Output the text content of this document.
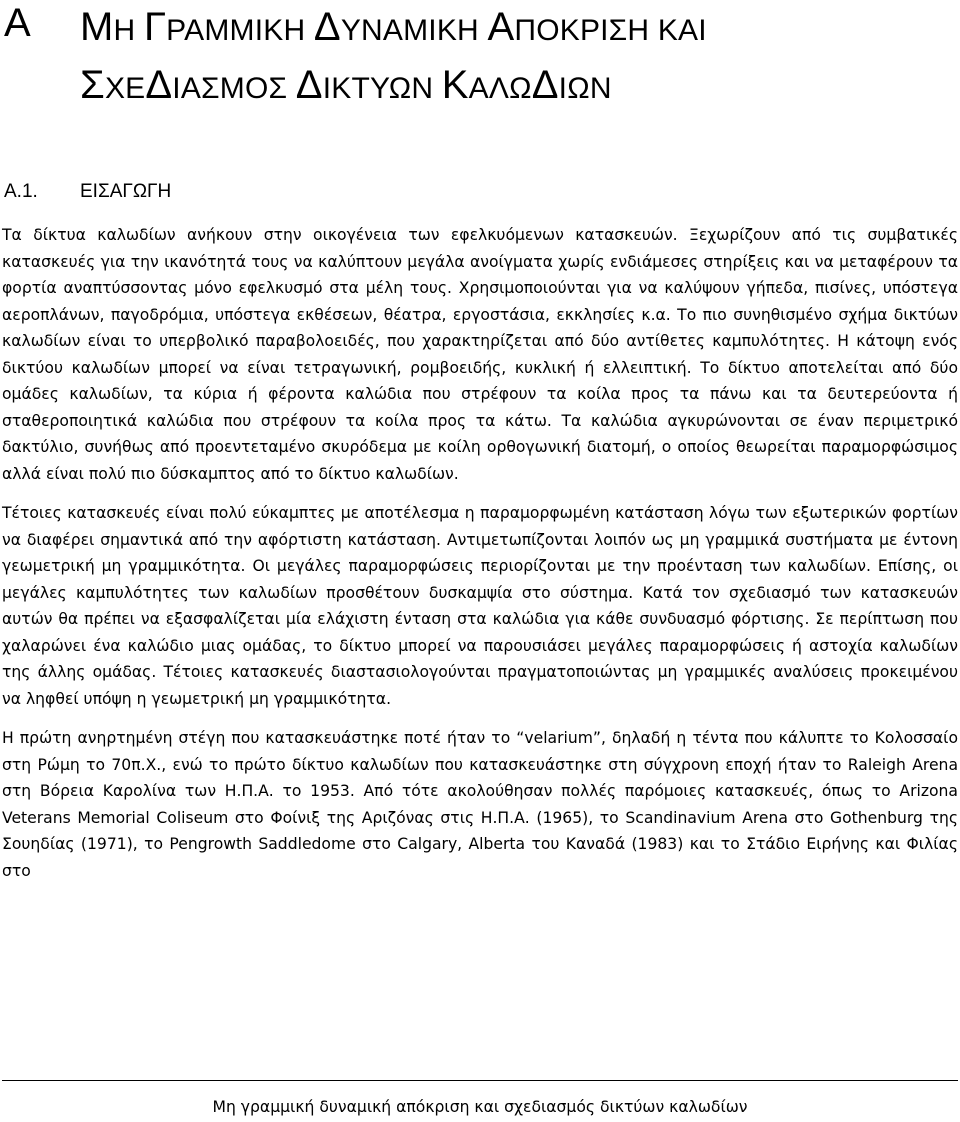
Α ΜΗ ΓΡΑΜΜΙΚΗ ΔΥΝΑΜΙΚΗ ΑΠΟΚΡΙΣΗ ΚΑΙ
ΣΧΕΔΙΑΣΜΟΣ ΔΙΚΤΥΩΝ ΚΑΛΩΔΙΩΝ
Α.1. ΕΙΣΑΓΩΓΗ

Τα δίκτυα καλωδίων ανήκουν στην οικογένεια των εφελκυόμενων κατασκευών. Ξεχωρίζουν από τις συμβατικές κατασκευές για την ικανότητά τους να καλύπτουν μεγάλα ανοίγματα χωρίς ενδιάμεσες στηρίξεις και να μεταφέρουν τα φορτία αναπτύσσοντας μόνο εφελκυσμό στα μέλη τους. Χρησιμοποιούνται για να καλύψουν γήπεδα, πισίνες, υπόστεγα αεροπλάνων, παγοδρόμια, υπόστεγα εκθέσεων, θέατρα, εργοστάσια, εκκλησίες κ.α. Το πιο συνηθισμένο σχήμα δικτύων καλωδίων είναι το υπερβολικό παραβολοειδές, που χαρακτηρίζεται από δύο αντίθετες καμπυλότητες. Η κάτοψη ενός δικτύου καλωδίων μπορεί να είναι τετραγωνική, ρομβοειδής, κυκλική ή ελλειπτική. Το δίκτυο αποτελείται από δύο ομάδες καλωδίων, τα κύρια ή φέροντα καλώδια που στρέφουν τα κοίλα προς τα πάνω και τα δευτερεύοντα ή σταθεροποιητικά καλώδια που στρέφουν τα κοίλα προς τα κάτω. Τα καλώδια αγκυρώνονται σε έναν περιμετρικό δακτύλιο, συνήθως από προεντεταμένο σκυρόδεμα με κοίλη ορθογωνική διατομή, ο οποίος θεωρείται παραμορφώσιμος αλλά είναι πολύ πιο δύσκαμπτος από το δίκτυο καλωδίων.

Τέτοιες κατασκευές είναι πολύ εύκαμπτες με αποτέλεσμα η παραμορφωμένη κατάσταση λόγω των εξωτερικών φορτίων να διαφέρει σημαντικά από την αφόρτιστη κατάσταση. Αντιμετωπίζονται λοιπόν ως μη γραμμικά συστήματα με έντονη γεωμετρική μη γραμμικότητα. Οι μεγάλες παραμορφώσεις περιορίζονται με την προένταση των καλωδίων. Επίσης, οι μεγάλες καμπυλότητες των καλωδίων προσθέτουν δυσκαμψία στο σύστημα. Κατά τον σχεδιασμό των κατασκευών αυτών θα πρέπει να εξασφαλίζεται μία ελάχιστη ένταση στα καλώδια για κάθε συνδυασμό φόρτισης. Σε περίπτωση που χαλαρώνει ένα καλώδιο μιας ομάδας, το δίκτυο μπορεί να παρουσιάσει μεγάλες παραμορφώσεις ή αστοχία καλωδίων της άλλης ομάδας. Τέτοιες κατασκευές διαστασιολογούνται πραγματοποιώντας μη γραμμικές αναλύσεις προκειμένου να ληφθεί υπόψη η γεωμετρική μη γραμμικότητα.

Η πρώτη ανηρτημένη στέγη που κατασκευάστηκε ποτέ ήταν το “velarium”, δηλαδή η τέντα που κάλυπτε το Κολοσσαίο στη Ρώμη το 70π.Χ., ενώ το πρώτο δίκτυο καλωδίων που κατασκευάστηκε στη σύγχρονη εποχή ήταν το Raleigh Arena στη Βόρεια Καρολίνα των Η.Π.Α. το 1953. Από τότε ακολούθησαν πολλές παρόμοιες κατασκευές, όπως το Arizona Veterans Memorial Coliseum στο Φοίνιξ της Αριζόνας στις Η.Π.Α. (1965), το Scandinavium Arena στο Gothenburg της Σουηδίας (1971), το Pengrowth Saddledome στο Calgary, Alberta του Καναδά (1983) και το Στάδιο Ειρήνης και Φιλίας στο

Μη γραμμική δυναμική απόκριση και σχεδιασμός δικτύων καλωδίων
